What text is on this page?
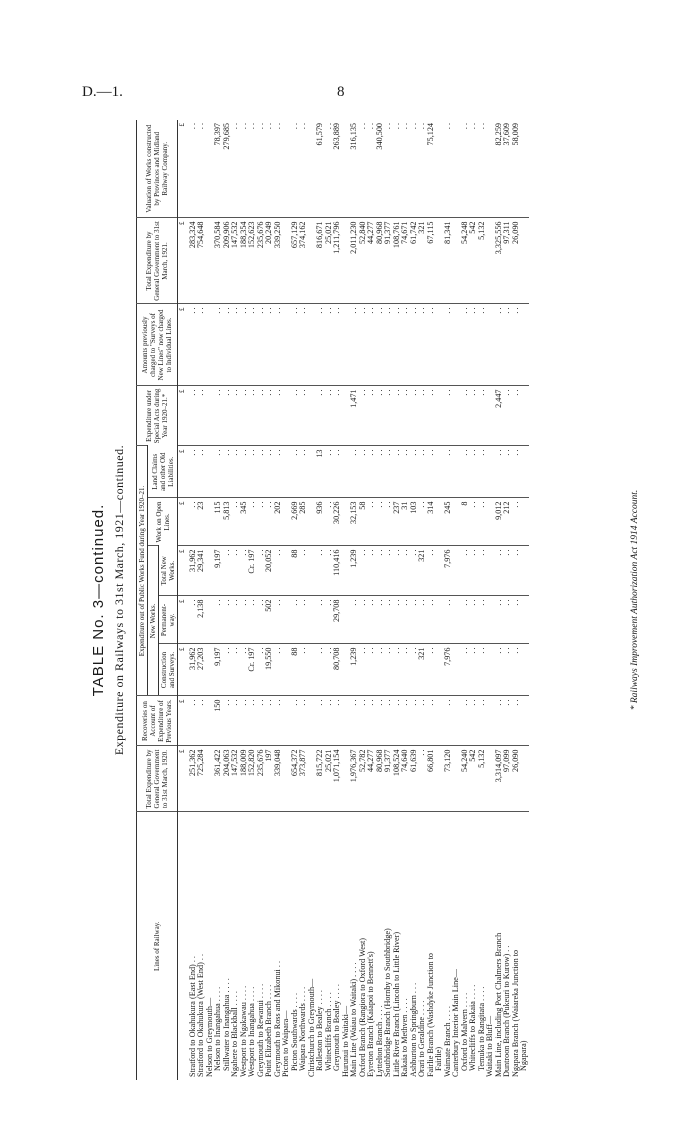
D.—1.	8
TABLE No. 3—continued. Expenditure on Railways to 31st March, 1921—continued.
Lines of Railway.	Total Expenditure by General Government to 31st March, 1920.	Recoveries on Account of Expenditure of Previous Years.	Expenditure out of Public Works Fund during Year 1920–21.					Expenditure under Special Acts during Year 1920–21.*	Amounts previously charged to "Surveys of New Lines" now charged to Individual Lines.	Total Expenditure by General Government to 31st March, 1921.	Valuation of Works constructed by Provinces and Midland Railway Company.
			New Works.			Work on Open Lines.	Land Claims and other Old Liabilities.				
			Construction and Surveys.	Permanent-way.	Total New Works.						
	£	£	£	£	£	£	£	£	£	£	£
Stratford to Okahukura (East End) . .	251,362	. .	31,962	. .	31,962	. .	. .	. .	. .	283,324	. .
Stratford to Okahukura (West End) . .	725,284	. .	27,203	2,138	29,341	23	. .	. .	. .	754,648	. .
Nelson to Greymouth—											
Nelson to Inangahua . . . .	361,422	150	9,197	. .	9,197	115	. .	. .	. .	370,584	78,397
Stillwater to Inangahua . . . .	204,063	. .	. .	. .	. .	5,813	. .	. .	. .	209,906	279,685
Ngahere to Blackball . . . .	147,532	. .	. .	. .	. .	. .	. .	. .	. .	147,532	. .
Westport to Ngakawau . . . .	188,009	. .	. .	. .	. .	345	. .	. .	. .	188,354	. .
Westport to Inangahua . . . .	152,820	. .	Cr. 197	. .	Cr. 197	. .	. .	. .	. .	152,623	. .
Greymouth to Rewanui . . . .	235,676	. .	. .	. .	. .	. .	. .	. .	. .	235,676	. .
Point Elizabeth Branch . . . .	197	. .	19,550	502	20,052	. .	. .	. .	. .	20,249	. .
Greymouth to Ross and Mikonui . .	339,048	. .	. .	. .	. .	202	. .	. .	. .	339,250	. .
Picton to Waipara—											
Picton Southwards . . . .	654,372	. .	88	. .	88	2,669	. .	. .	. .	657,129	. .
Waipara Northwards . . . .	373,877	. .	. .	. .	. .	285	. .	. .	. .	374,162	. .
Christchurch to Greymouth—											
Rolleston to Bealey . . . .	815,722	. .	. .	. .	. .	936	13	. .	. .	816,671	61,579
Whitecliffs Branch . . . .	25,021	. .	. .	. .	. .	. .	. .	. .	. .	25,021	. .
Greymouth to Bealey . . . .	1,071,154	. .	80,708	29,708	110,416	30,226	. .	. .	. .	1,211,796	263,889
Hurunui to Waitaki—											
Main Line (Waiau to Waitaki) . . . .	1,976,367	. .	1,239	. .	1,239	32,153	. .	1,471	. .	2,011,230	316,135
Oxford Branch (Rangiora to Oxford West)	52,782	. .	. .	. .	. .	58	. .	. .	. .	52,840	. .
Eyreton Branch (Kaiapoi to Bennett's)	44,277	. .	. .	. .	. .	. .	. .	. .	. .	44,277	. .
Lyttelton Branch . . . .	80,968	. .	. .	. .	. .	. .	. .	. .	. .	80,968	340,500
Southbridge Branch (Hornby to Southbridge)	91,377	. .	. .	. .	. .	. .	. .	. .	. .	91,377	. .
Little River Branch (Lincoln to Little River)	108,524	. .	. .	. .	. .	237	. .	. .	. .	108,761	. .
Rakaia to Methven . . . .	74,640	. .	. .	. .	. .	31	. .	. .	. .	74,671	. .
Ashburton to Springburn . . .	61,639	. .	. .	. .	. .	103	. .	. .	. .	61,742	. .
Orari to Geraldine . . . .	. .	. .	321	. .	321	. .	. .	. .	. .	321	. .
Fairlie Branch (Washdyke Junction to	66,801	. .	. .	. .	. .	314	. .	. .	. .	67,115	75,124
Fairlie)											
Waimate Branch . . . .	73,120	. .	7,976	. .	7,976	245	. .	. .	. .	81,341	. .
Canterbury Interior Main Line—											
Oxford to Malvern . . . .	54,240	. .	. .	. .	. .	8	. .	. .	. .	54,248	. .
Whitecliffs to Rakaia . . . .	542	. .	. .	. .	. .	. .	. .	. .	. .	542	. .
Temuka to Rangitata . . . .	5,132	. .	. .	. .	. .	. .	. .	. .	. .	5,132	. .
Waitaki to Bluff—											
Main Line, including Port Chalmers Branch	3,314,097	. .	. .	. .	. .	9,012	. .	2,447	. .	3,325,556	82,259
Duntroon Branch (Pukeuri to Kurow) . .	97,099	. .	. .	. .	. .	212	. .	. .	. .	97,311	37,609
Ngapara Branch (Waiareka Junction to	26,090	. .	. .	. .	. .	. .	. .	. .	. .	26,090	58,009
Ngapara)											
* Railways Improvement Authorization Act 1914 Account.
